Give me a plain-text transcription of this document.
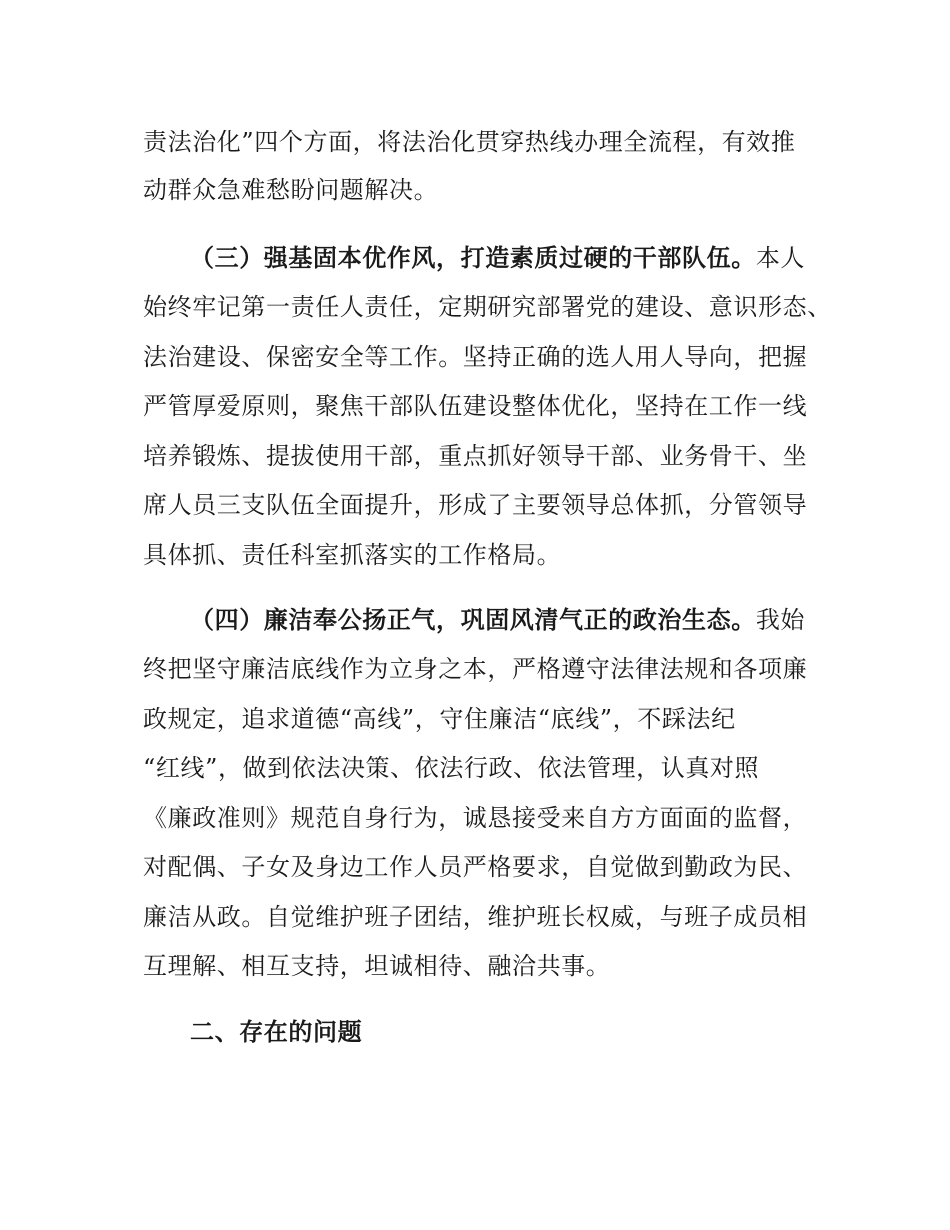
责法治化”四个方面，将法治化贯穿热线办理全流程，有效推
动群众急难愁盼问题解决。
（三）强基固本优作风，打造素质过硬的干部队伍。本人
始终牢记第一责任人责任，定期研究部署党的建设、意识形态、
法治建设、保密安全等工作。坚持正确的选人用人导向，把握
严管厚爱原则，聚焦干部队伍建设整体优化，坚持在工作一线
培养锻炼、提拔使用干部，重点抓好领导干部、业务骨干、坐
席人员三支队伍全面提升，形成了主要领导总体抓，分管领导
具体抓、责任科室抓落实的工作格局。
（四）廉洁奉公扬正气，巩固风清气正的政治生态。我始
终把坚守廉洁底线作为立身之本，严格遵守法律法规和各项廉
政规定，追求道德“高线”，守住廉洁“底线”，不踩法纪
“红线”，做到依法决策、依法行政、依法管理，认真对照
《廉政准则》规范自身行为，诚恳接受来自方方面面的监督，
对配偶、子女及身边工作人员严格要求，自觉做到勤政为民、
廉洁从政。自觉维护班子团结，维护班长权威，与班子成员相
互理解、相互支持，坦诚相待、融洽共事。
二、存在的问题
